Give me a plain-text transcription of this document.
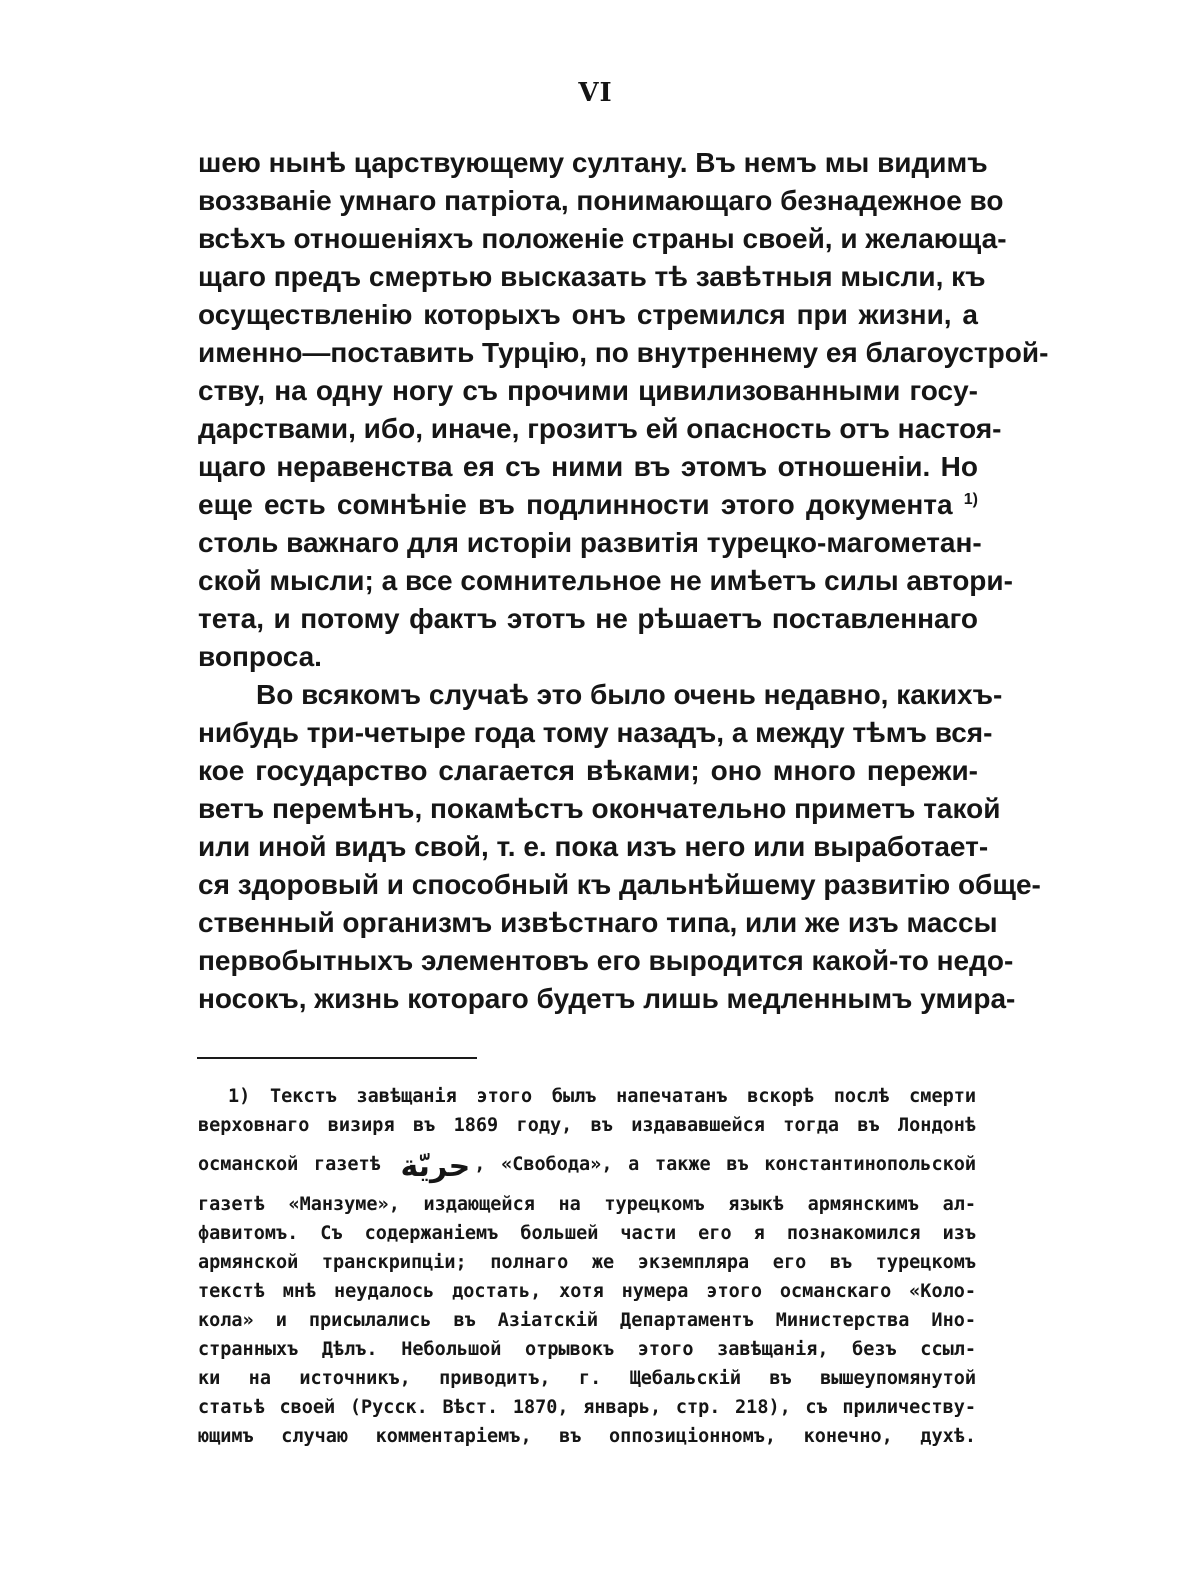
VI
шею нынѣ царствующему султану. Въ немъ мы видимъ
воззванiе умнаго патрiота, понимающаго безнадежное во
всѣхъ отношенiяхъ положенiе страны своей, и желающа-
щаго предъ смертью высказать тѣ завѣтныя мысли, къ
осуществленiю которыхъ онъ стремился при жизни, а
именно—поставить Турцiю, по внутреннему ея благоустрой-
ству, на одну ногу съ прочими цивилизованными госу-
дарствами, ибо, иначе, грозитъ ей опасность отъ настоя-
щаго неравенства ея съ ними въ этомъ отношенiи. Но
еще есть сомнѣнiе въ подлинности этого документа $^{1)}$
столь важнаго для исторiи развитiя турецко-магометан-
ской мысли; а все сомнительное не имѣетъ силы автори-
тета, и потому фактъ этотъ не рѣшаетъ поставленнаго
вопроса.
Во всякомъ случаѣ это было очень недавно, какихъ-
нибудь три-четыре года тому назадъ, а между тѣмъ вся-
кое государство слагается вѣками; оно много пережи-
ветъ перемѣнъ, покамѣстъ окончательно приметъ такой
или иной видъ свой, т. е. пока изъ него или выработает-
ся здоровый и способный къ дальнѣйшему развитiю обще-
ственный организмъ извѣстнаго типа, или же изъ массы
первобытныхъ элементовъ его выродится какой-то недо-
носокъ, жизнь котораго будетъ лишь медленнымъ умира-
1) Текстъ завѣщанiя этого былъ напечатанъ вскорѣ послѣ смерти
верховнаго визиря въ 1869 году, въ издававшейся тогда въ Лондонѣ
османской газетѣ حريّة , «Свобода», а также въ константинопольской
газетѣ «Манзуме», издающейся на турецкомъ языкѣ армянскимъ ал-
фавитомъ. Съ содержанiемъ большей части его я познакомился изъ
армянской транскрипцiи; полнаго же экземпляра его въ турецкомъ
текстѣ мнѣ неудалось достать, хотя нумера этого османскаго «Коло-
кола» и присылались въ Азiатскiй Департаментъ Министерства Ино-
странныхъ Дѣлъ. Небольшой отрывокъ этого завѣщанiя, безъ ссыл-
ки на источникъ, приводитъ, г. Щебальскiй въ вышеупомянутой
статьѣ своей (Русск. Вѣст. 1870, январь, стр. 218), съ приличеству-
ющимъ случаю комментарiемъ, въ оппозицiонномъ, конечно, духѣ.
